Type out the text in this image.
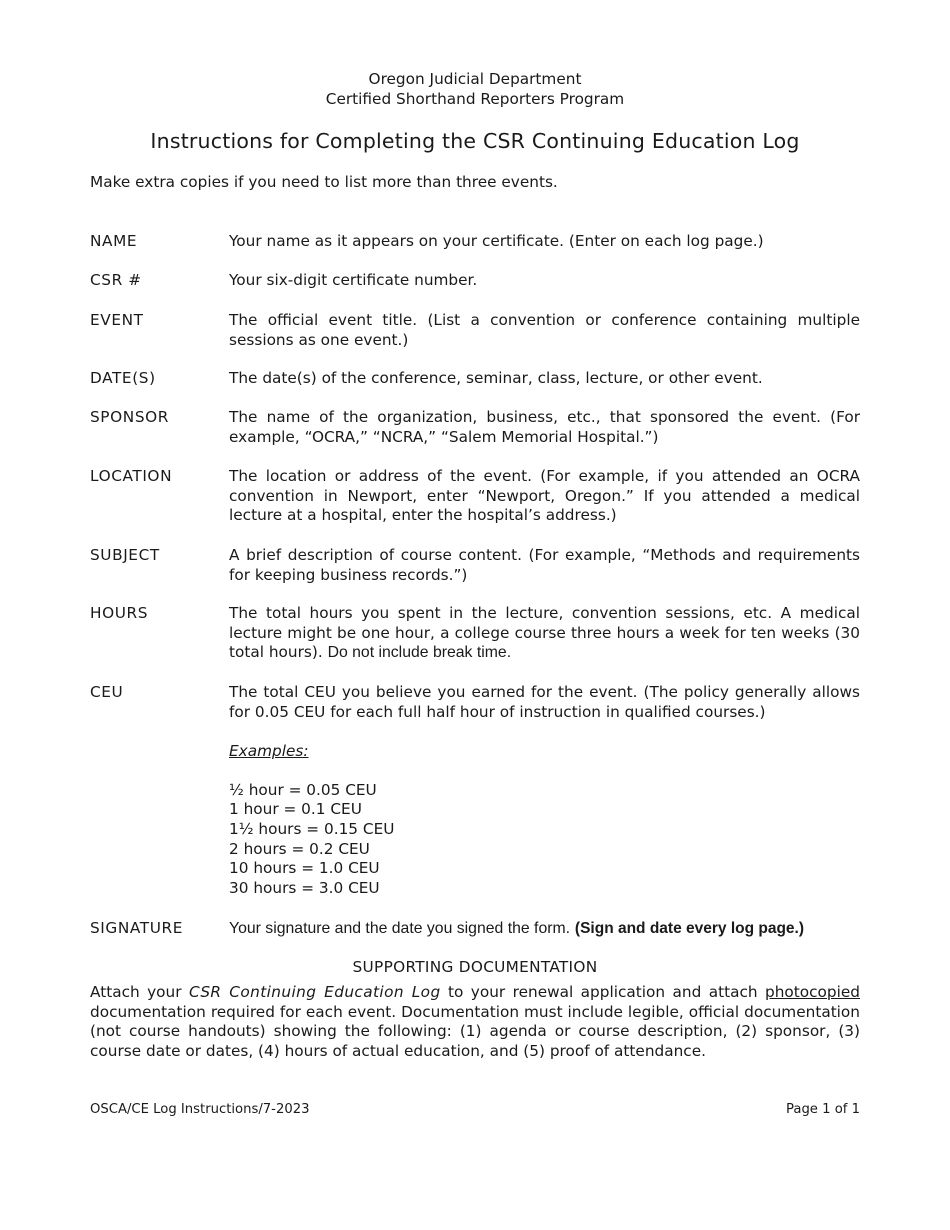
Oregon Judicial Department
Certified Shorthand Reporters Program
Instructions for Completing the CSR Continuing Education Log
Make extra copies if you need to list more than three events.
NAME	Your name as it appears on your certificate. (Enter on each log page.)
CSR #	Your six-digit certificate number.
EVENT	The official event title. (List a convention or conference containing multiple sessions as one event.)
DATE(S)	The date(s) of the conference, seminar, class, lecture, or other event.
SPONSOR	The name of the organization, business, etc., that sponsored the event. (For example, “OCRA,” “NCRA,” “Salem Memorial Hospital.”)
LOCATION	The location or address of the event. (For example, if you attended an OCRA convention in Newport, enter “Newport, Oregon.” If you attended a medical lecture at a hospital, enter the hospital’s address.)
SUBJECT	A brief description of course content. (For example, “Methods and requirements for keeping business records.”)
HOURS	The total hours you spent in the lecture, convention sessions, etc. A medical lecture might be one hour, a college course three hours a week for ten weeks (30 total hours). Do not include break time.
CEU	The total CEU you believe you earned for the event. (The policy generally allows for 0.05 CEU for each full half hour of instruction in qualified courses.)

Examples:

½ hour = 0.05 CEU
1 hour = 0.1 CEU
1½ hours = 0.15 CEU
2 hours = 0.2 CEU
10 hours = 1.0 CEU
30 hours = 3.0 CEU
SIGNATURE	Your signature and the date you signed the form. (Sign and date every log page.)
SUPPORTING DOCUMENTATION

Attach your CSR Continuing Education Log to your renewal application and attach photocopied documentation required for each event. Documentation must include legible, official documentation (not course handouts) showing the following: (1) agenda or course description, (2) sponsor, (3) course date or dates, (4) hours of actual education, and (5) proof of attendance.

OSCA/CE Log Instructions/7-2023	Page 1 of 1
